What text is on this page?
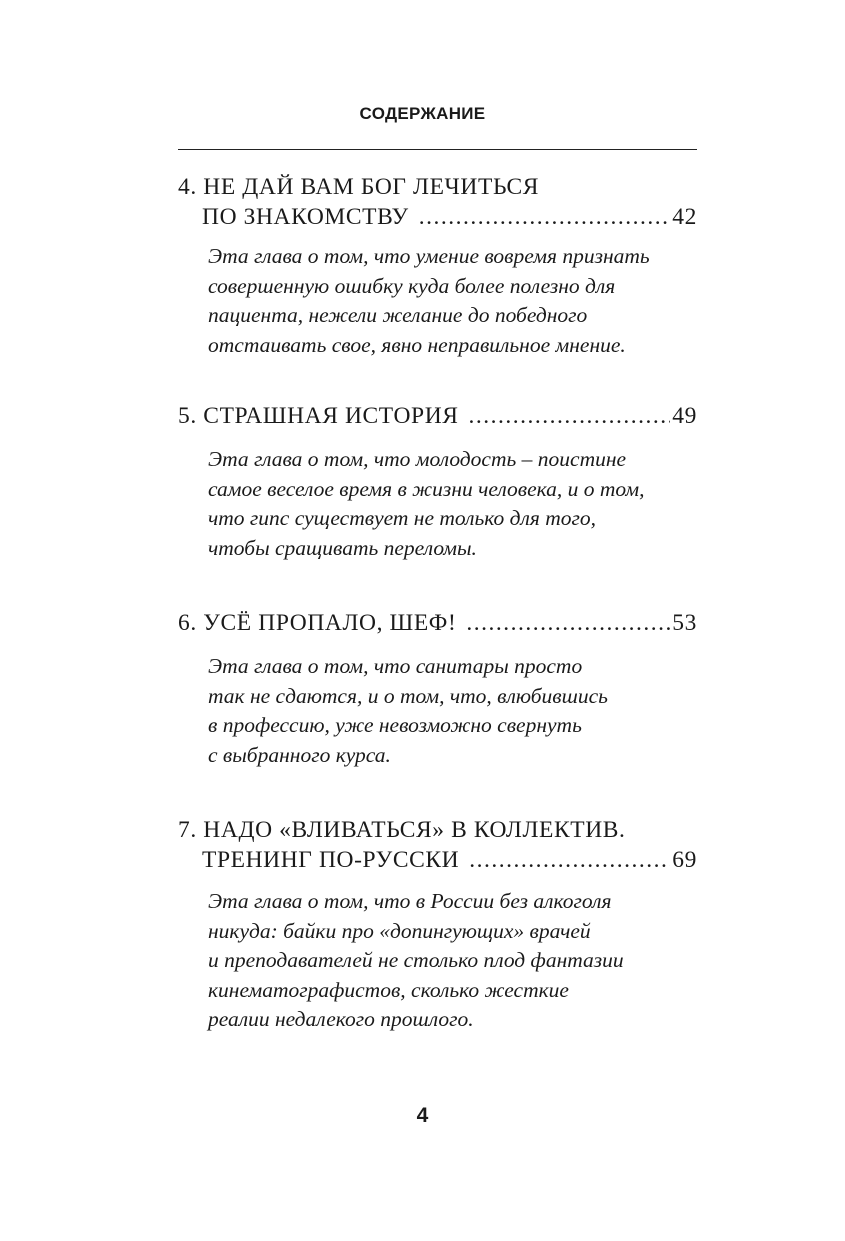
СОДЕРЖАНИЕ
4. НЕ ДАЙ ВАМ БОГ ЛЕЧИТЬСЯ
ПО ЗНАКОМСТВУ .....	42
Эта глава о том, что умение вовремя признать
совершенную ошибку куда более полезно для
пациента, нежели желание до победного
отстаивать свое, явно неправильное мнение.
5. СТРАШНАЯ ИСТОРИЯ .....	49
Эта глава о том, что молодость – поистине
самое веселое время в жизни человека, и о том,
что гипс существует не только для того,
чтобы сращивать переломы.
6. УСЁ ПРОПАЛО, ШЕФ! .....	53
Эта глава о том, что санитары просто
так не сдаются, и о том, что, влюбившись
в профессию, уже невозможно свернуть
с выбранного курса.
7. НАДО «ВЛИВАТЬСЯ» В КОЛЛЕКТИВ.
ТРЕНИНГ ПО-РУССКИ .....	69
Эта глава о том, что в России без алкоголя
никуда: байки про «допингующих» врачей
и преподавателей не столько плод фантазии
кинематографистов, сколько жесткие
реалии недалекого прошлого.
4
